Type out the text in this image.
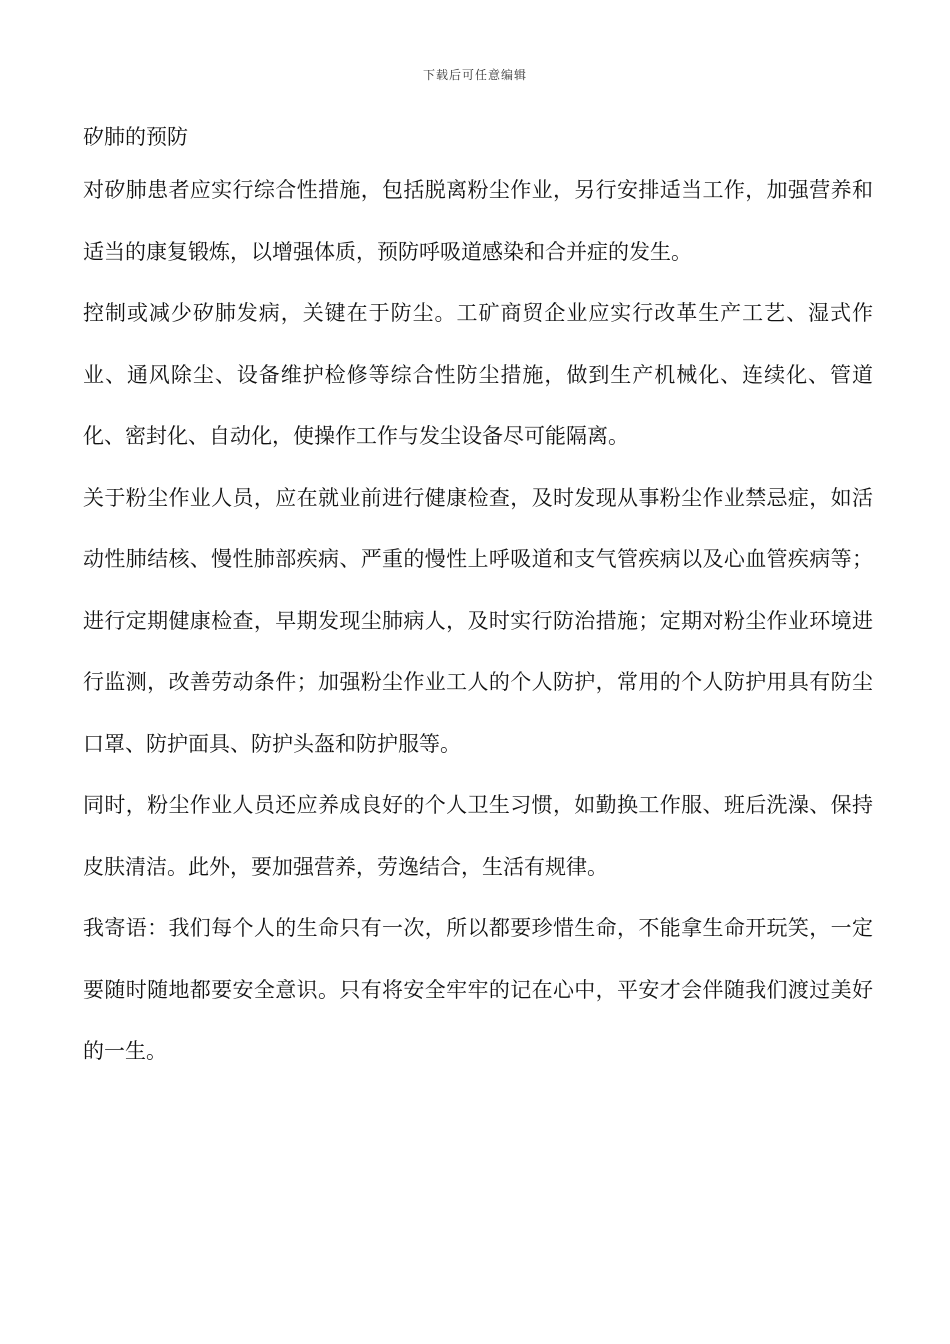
下载后可任意编辑
矽肺的预防

对矽肺患者应实行综合性措施，包括脱离粉尘作业，另行安排适当工作，加强营养和适当的康复锻炼，以增强体质，预防呼吸道感染和合并症的发生。

控制或减少矽肺发病，关键在于防尘。工矿商贸企业应实行改革生产工艺、湿式作业、通风除尘、设备维护检修等综合性防尘措施，做到生产机械化、连续化、管道化、密封化、自动化，使操作工作与发尘设备尽可能隔离。

关于粉尘作业人员，应在就业前进行健康检查，及时发现从事粉尘作业禁忌症，如活动性肺结核、慢性肺部疾病、严重的慢性上呼吸道和支气管疾病以及心血管疾病等；进行定期健康检查，早期发现尘肺病人，及时实行防治措施；定期对粉尘作业环境进行监测，改善劳动条件；加强粉尘作业工人的个人防护，常用的个人防护用具有防尘口罩、防护面具、防护头盔和防护服等。

同时，粉尘作业人员还应养成良好的个人卫生习惯，如勤换工作服、班后洗澡、保持皮肤清洁。此外，要加强营养，劳逸结合，生活有规律。

我寄语：我们每个人的生命只有一次，所以都要珍惜生命，不能拿生命开玩笑，一定要随时随地都要安全意识。只有将安全牢牢的记在心中，平安才会伴随我们渡过美好的一生。
